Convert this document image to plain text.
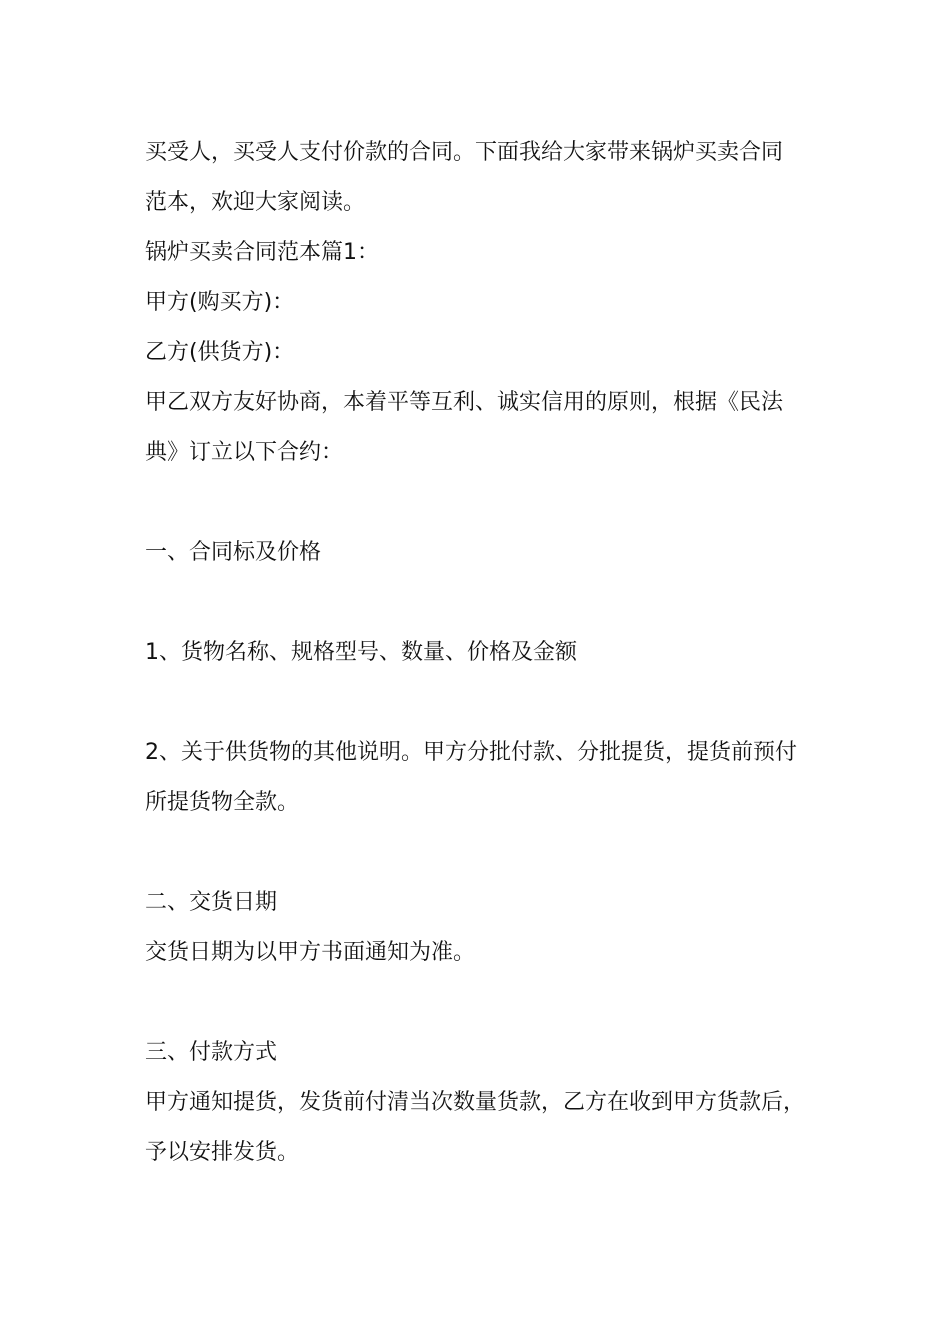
买受人，买受人支付价款的合同。下面我给大家带来锅炉买卖合同

范本，欢迎大家阅读。

锅炉买卖合同范本篇1：

甲方(购买方)：

乙方(供货方)：

甲乙双方友好协商，本着平等互利、诚实信用的原则，根据《民法

典》订立以下合约：

一、合同标及价格

1、货物名称、规格型号、数量、价格及金额

2、关于供货物的其他说明。甲方分批付款、分批提货，提货前预付

所提货物全款。

二、交货日期

交货日期为以甲方书面通知为准。

三、付款方式

甲方通知提货，发货前付清当次数量货款，乙方在收到甲方货款后，

予以安排发货。
